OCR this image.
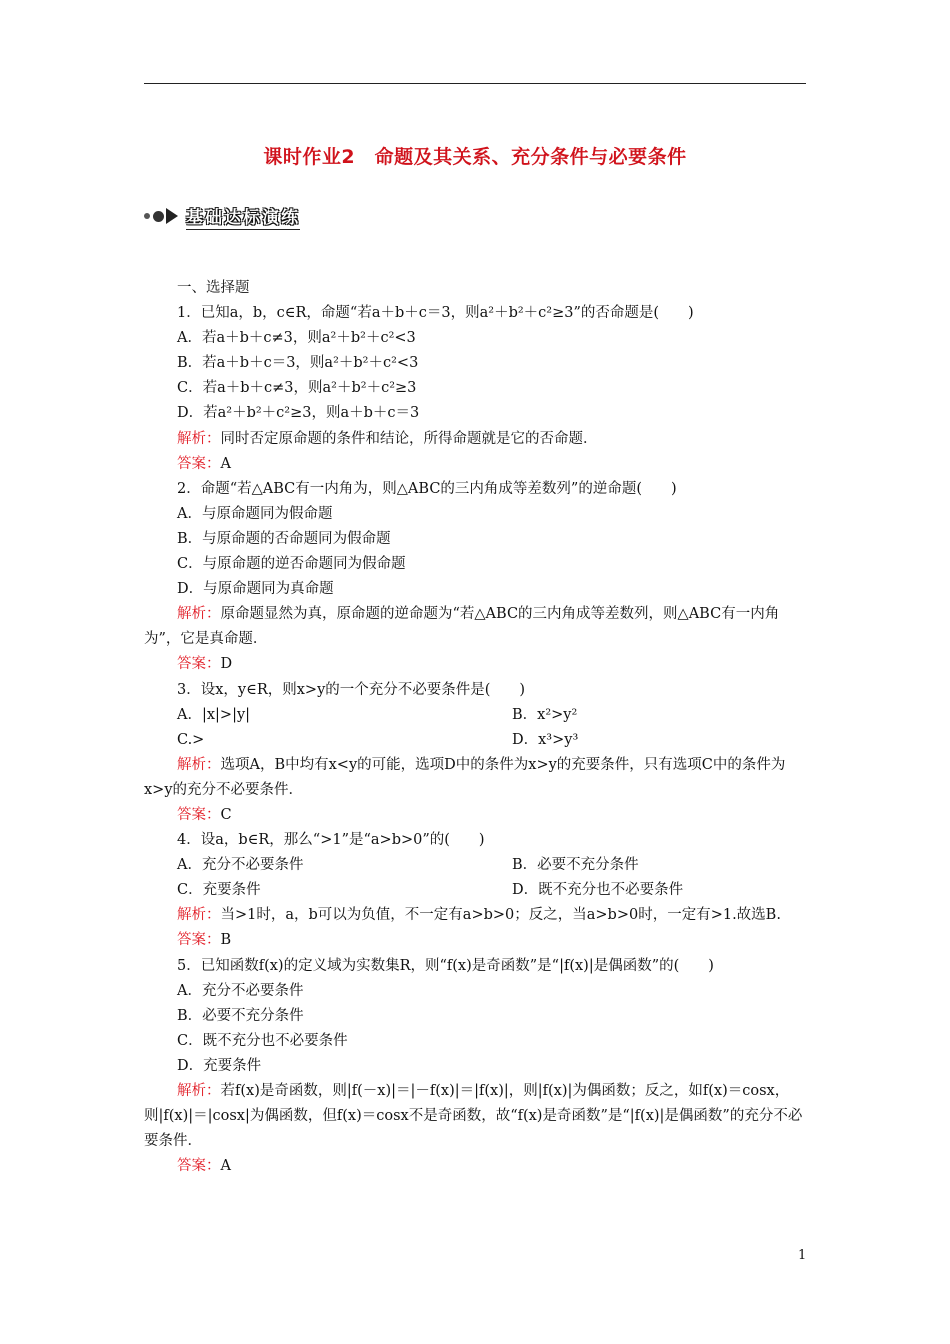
课时作业2　命题及其关系、充分条件与必要条件
基础达标演练
一、选择题
1．已知a，b，c∈R，命题“若a＋b＋c＝3，则a²＋b²＋c²≥3”的否命题是(　　)
A．若a＋b＋c≠3，则a²＋b²＋c²<3
B．若a＋b＋c＝3，则a²＋b²＋c²<3
C．若a＋b＋c≠3，则a²＋b²＋c²≥3
D．若a²＋b²＋c²≥3，则a＋b＋c＝3
解析：同时否定原命题的条件和结论，所得命题就是它的否命题．
答案：A
2．命题“若△ABC有一内角为，则△ABC的三内角成等差数列”的逆命题(　　)
A．与原命题同为假命题
B．与原命题的否命题同为假命题
C．与原命题的逆否命题同为假命题
D．与原命题同为真命题
解析：原命题显然为真，原命题的逆命题为“若△ABC的三内角成等差数列，则△ABC有一内角为”，它是真命题．
答案：D
3．设x，y∈R，则x>y的一个充分不必要条件是(　　)
A．|x|>|y|	B．x²>y²
C.>	D．x³>y³
解析：选项A，B中均有x<y的可能，选项D中的条件为x>y的充要条件，只有选项C中的条件为x>y的充分不必要条件．
答案：C
4．设a，b∈R，那么“>1”是“a>b>0”的(　　)
A．充分不必要条件	B．必要不充分条件
C．充要条件	D．既不充分也不必要条件
解析：当>1时，a，b可以为负值，不一定有a>b>0；反之，当a>b>0时，一定有>1.故选B.
答案：B
5．已知函数f(x)的定义域为实数集R，则“f(x)是奇函数”是“|f(x)|是偶函数”的(　　)
A．充分不必要条件
B．必要不充分条件
C．既不充分也不必要条件
D．充要条件
解析：若f(x)是奇函数，则|f(－x)|＝|－f(x)|＝|f(x)|，则|f(x)|为偶函数；反之，如f(x)＝cosx，则|f(x)|＝|cosx|为偶函数，但f(x)＝cosx不是奇函数，故“f(x)是奇函数”是“|f(x)|是偶函数”的充分不必要条件．
答案：A
1
